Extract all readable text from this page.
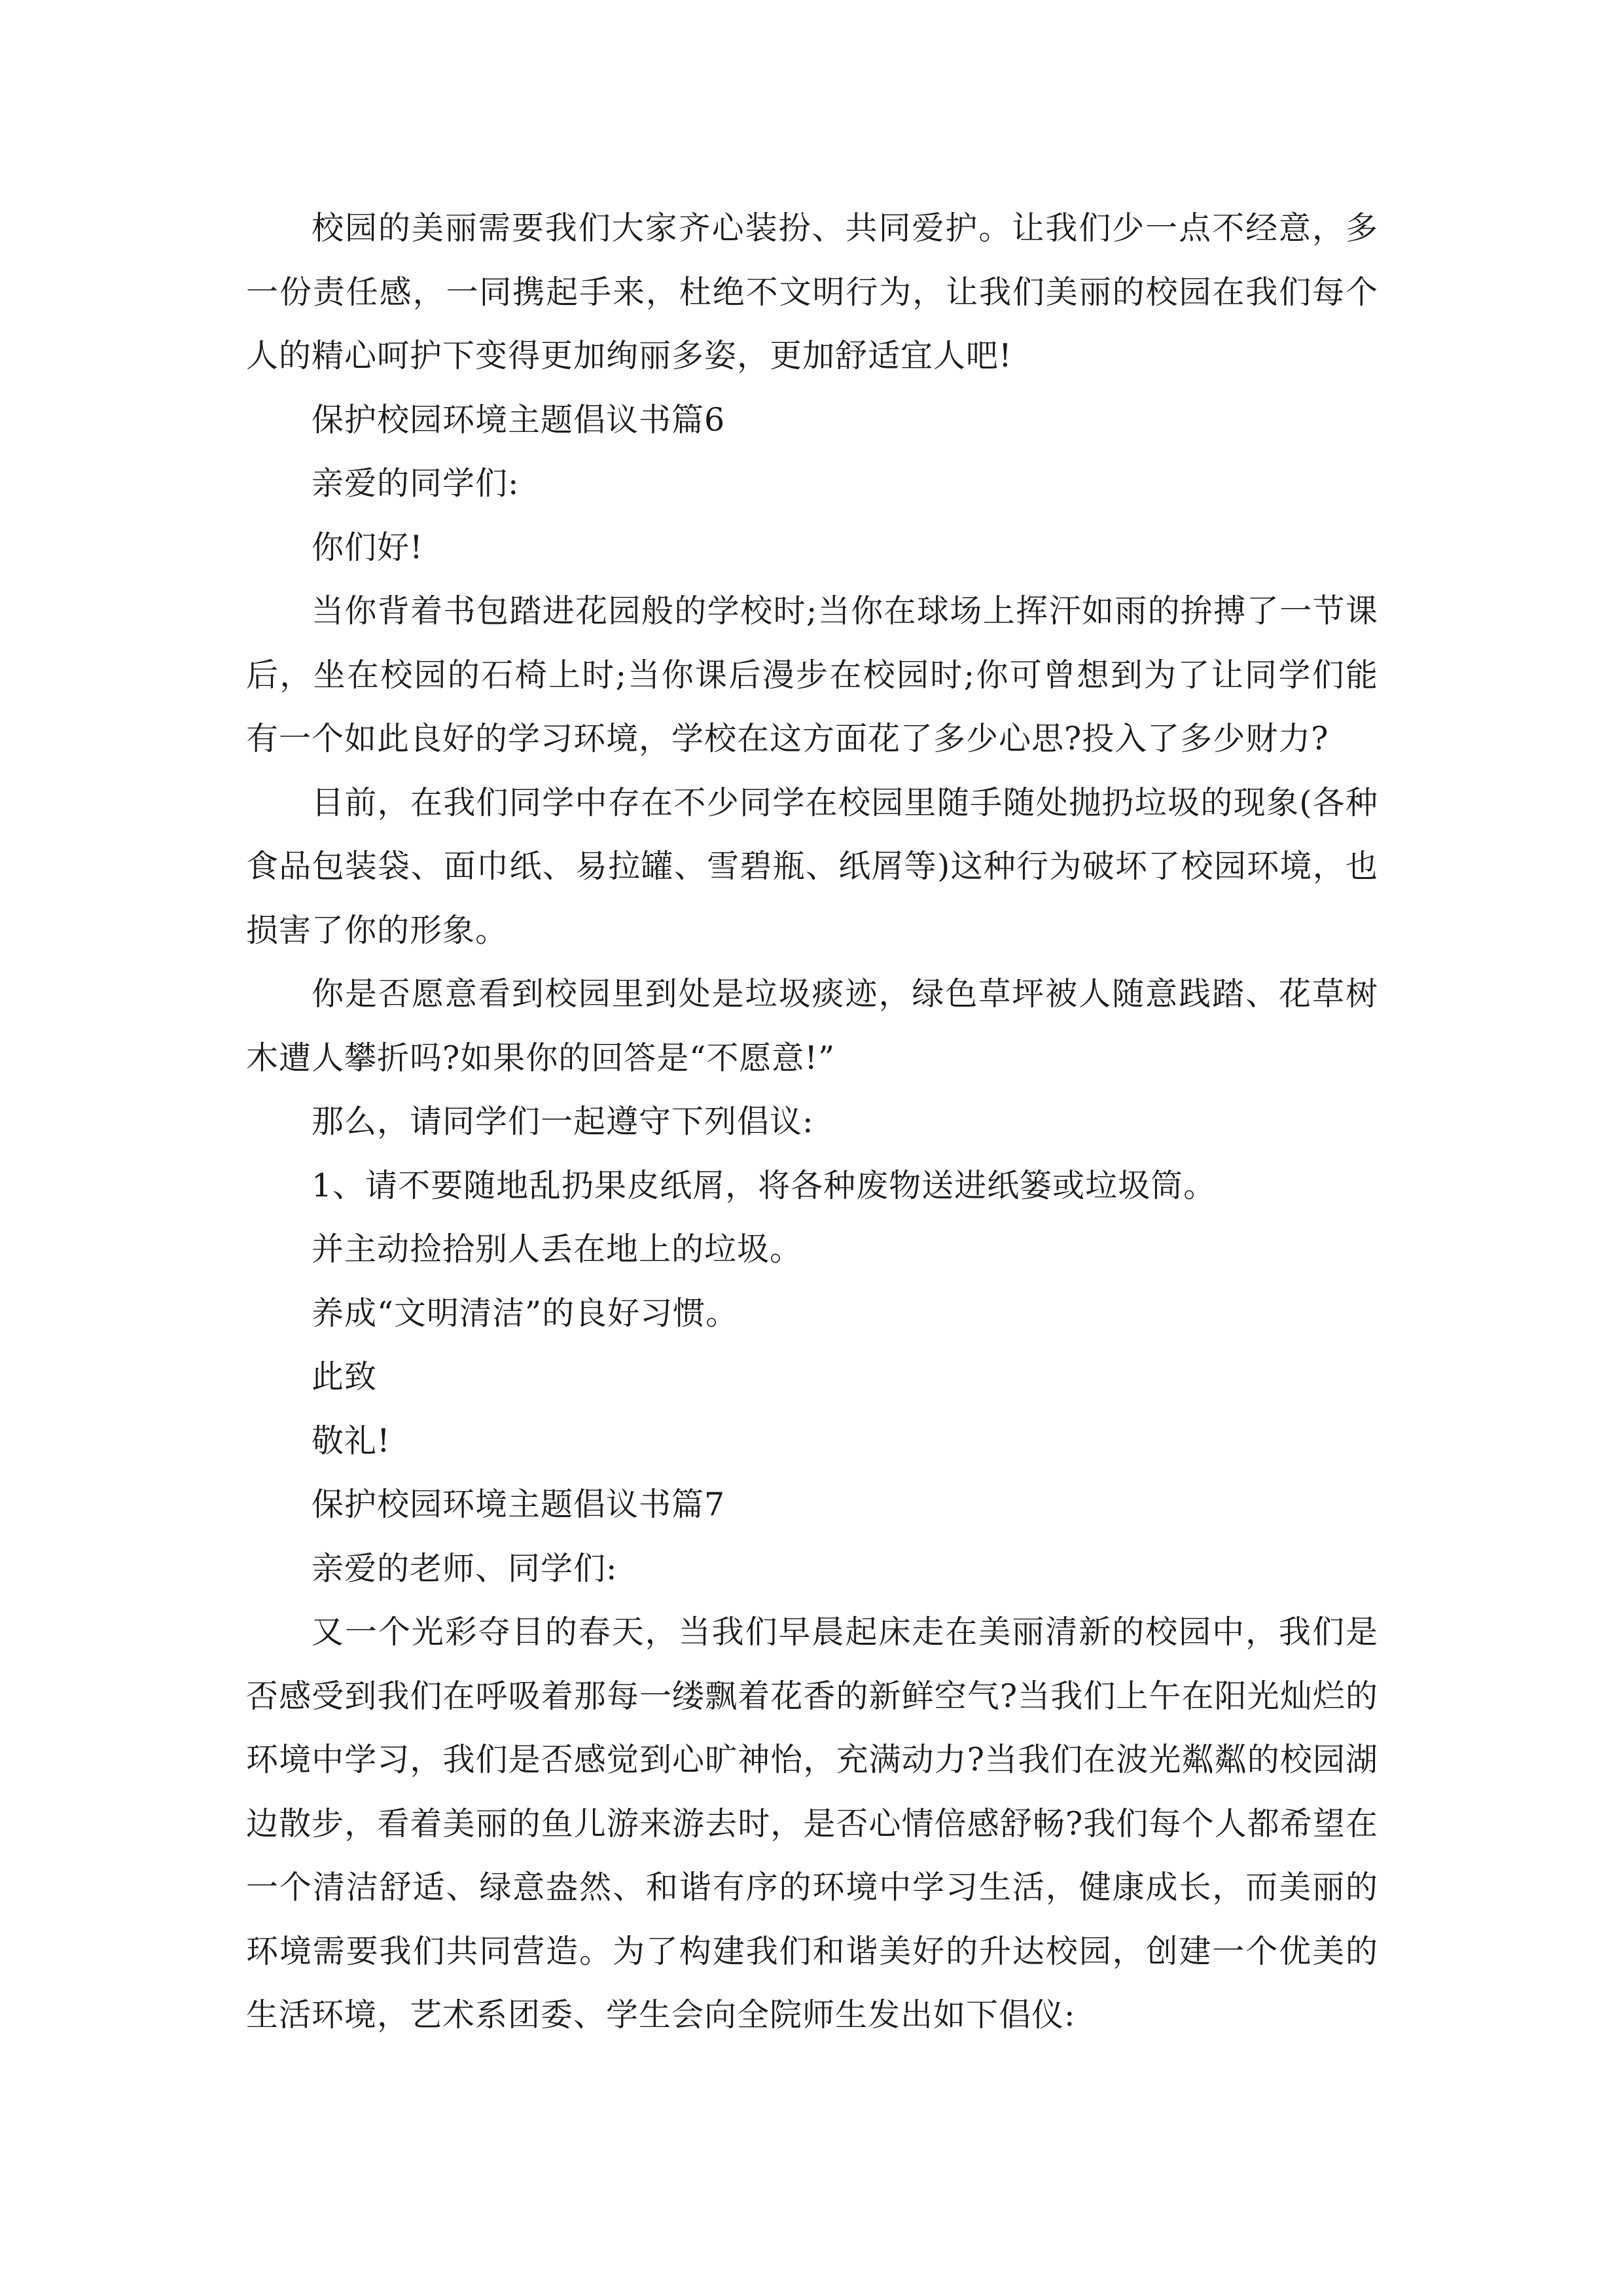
校园的美丽需要我们大家齐心装扮、共同爱护。让我们少一点不经意，多一份责任感，一同携起手来，杜绝不文明行为，让我们美丽的校园在我们每个人的精心呵护下变得更加绚丽多姿，更加舒适宜人吧!

保护校园环境主题倡议书篇6

亲爱的同学们:

你们好!

当你背着书包踏进花园般的学校时;当你在球场上挥汗如雨的拚搏了一节课后，坐在校园的石椅上时;当你课后漫步在校园时;你可曾想到为了让同学们能有一个如此良好的学习环境，学校在这方面花了多少心思?投入了多少财力?

目前，在我们同学中存在不少同学在校园里随手随处抛扔垃圾的现象(各种食品包装袋、面巾纸、易拉罐、雪碧瓶、纸屑等)这种行为破坏了校园环境，也损害了你的形象。

你是否愿意看到校园里到处是垃圾痰迹，绿色草坪被人随意践踏、花草树木遭人攀折吗?如果你的回答是“不愿意!”

那么，请同学们一起遵守下列倡议:

1、请不要随地乱扔果皮纸屑，将各种废物送进纸篓或垃圾筒。

并主动捡拾别人丢在地上的垃圾。

养成“文明清洁”的良好习惯。

此致

敬礼!

保护校园环境主题倡议书篇7

亲爱的老师、同学们:

又一个光彩夺目的春天，当我们早晨起床走在美丽清新的校园中，我们是否感受到我们在呼吸着那每一缕飘着花香的新鲜空气?当我们上午在阳光灿烂的环境中学习，我们是否感觉到心旷神怡，充满动力?当我们在波光粼粼的校园湖边散步，看着美丽的鱼儿游来游去时，是否心情倍感舒畅?我们每个人都希望在一个清洁舒适、绿意盎然、和谐有序的环境中学习生活，健康成长，而美丽的环境需要我们共同营造。为了构建我们和谐美好的升达校园，创建一个优美的生活环境，艺术系团委、学生会向全院师生发出如下倡仪:
